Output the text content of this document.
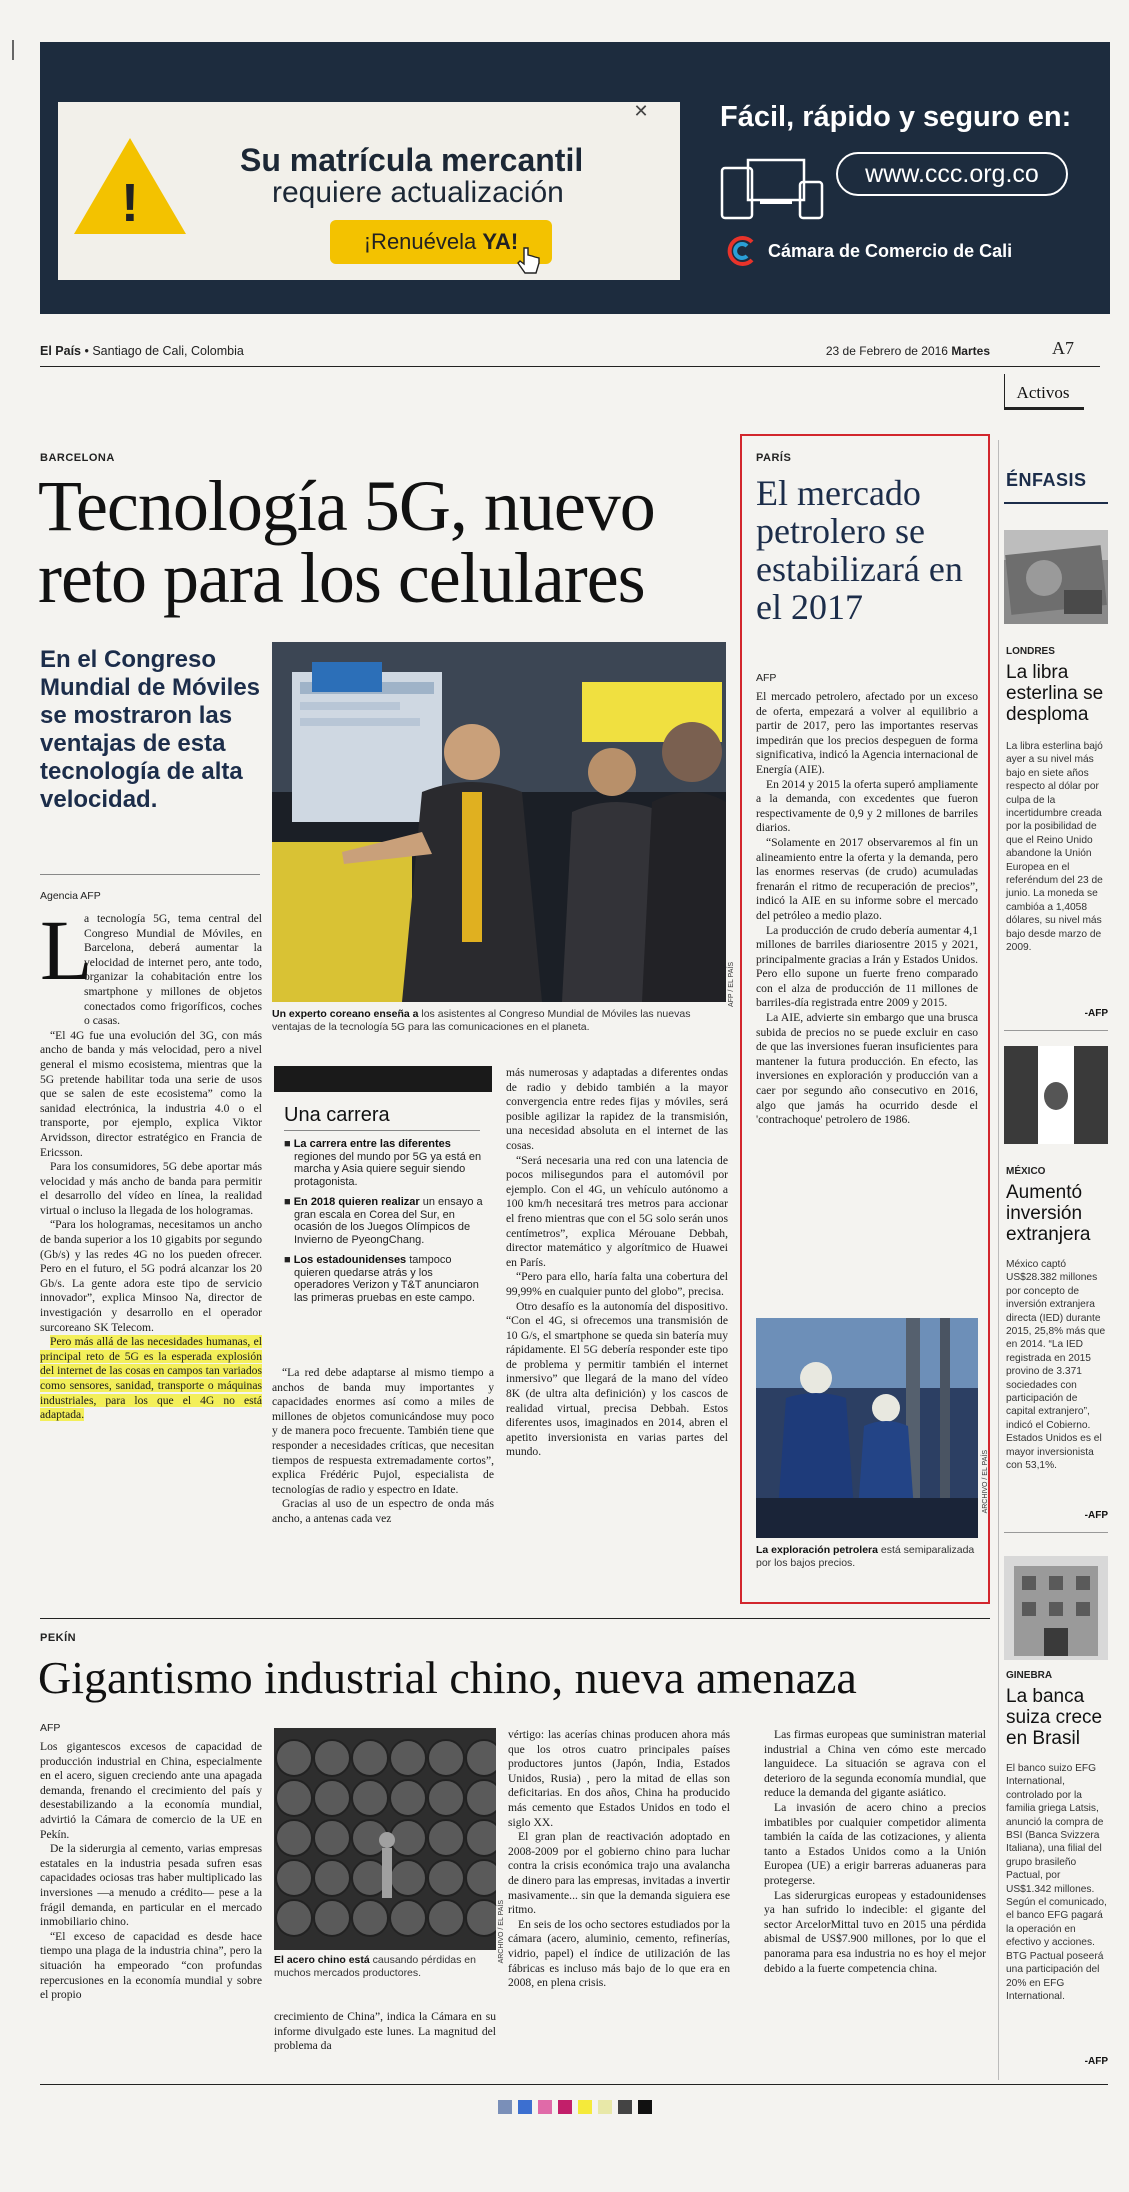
!
✕
Su matrícula mercantil
requiere actualización
¡Renuévela YA!
Fácil, rápido y seguro en:
www.ccc.org.co
Cámara de Comercio de Cali
El País • Santiago de Cali, Colombia	23 de Febrero de 2016 Martes	A7
Activos
BARCELONA
Tecnología 5G, nuevo reto para los celulares
En el Congreso Mundial de Móviles se mostraron las ventajas de esta tecnología de alta velocidad.
Agencia AFP
AFP / EL PAÍS
Un experto coreano enseña a los asistentes al Congreso Mundial de Móviles las nuevas ventajas de la tecnología 5G para las comunicaciones en el planeta.
L

a tecnología 5G, tema central del Congreso Mundial de Móviles, en Barcelona, deberá aumentar la velocidad de internet pero, ante todo, organizar la cohabitación entre los smartphone y millones de objetos conectados como frigoríficos, coches o casas.

“El 4G fue una evolución del 3G, con más ancho de banda y más velocidad, pero a nivel general el mismo ecosistema, mientras que la 5G pretende habilitar toda una serie de usos que se salen de este ecosistema” como la sanidad electrónica, la industria 4.0 o el transporte, por ejemplo, explica Viktor Arvidsson, director estratégico en Francia de Ericsson.

Para los consumidores, 5G debe aportar más velocidad y más ancho de banda para permitir el desarrollo del vídeo en línea, la realidad virtual o incluso la llegada de los hologramas.

“Para los hologramas, necesitamos un ancho de banda superior a los 10 gigabits por segundo (Gb/s) y las redes 4G no los pueden ofrecer. Pero en el futuro, el 5G podrá alcanzar los 20 Gb/s. La gente adora este tipo de servicio innovador”, explica Minsoo Na, director de investigación y desarrollo en el operador surcoreano SK Telecom.

Pero más allá de las necesidades humanas, el principal reto de 5G es la esperada explosión del internet de las cosas en campos tan variados como sensores, sanidad, transporte o máquinas industriales, para los que el 4G no está adaptada.

Una carrera
■ La carrera entre las diferentes regiones del mundo por 5G ya está en marcha y Asia quiere seguir siendo protagonista.
■ En 2018 quieren realizar un ensayo a gran escala en Corea del Sur, en ocasión de los Juegos Olímpicos de Invierno de PyeongChang.
■ Los estadounidenses tampoco quieren quedarse atrás y los operadores Verizon y T&T anunciaron las primeras pruebas en este campo.

“La red debe adaptarse al mismo tiempo a anchos de banda muy importantes y capacidades enormes así como a miles de millones de objetos comunicándose muy poco y de manera poco frecuente. También tiene que responder a necesidades críticas, que necesitan tiempos de respuesta extremadamente cortos”, explica Frédéric Pujol, especialista de tecnologías de radio y espectro en Idate.

Gracias al uso de un espectro de onda más ancho, a antenas cada vez

más numerosas y adaptadas a diferentes ondas de radio y debido también a la mayor convergencia entre redes fijas y móviles, será posible agilizar la rapidez de la transmisión, una necesidad absoluta en el internet de las cosas.

“Será necesaria una red con una latencia de pocos milisegundos para el automóvil por ejemplo. Con el 4G, un vehículo autónomo a 100 km/h necesitará tres metros para accionar el freno mientras que con el 5G solo serán unos centímetros”, explica Mérouane Debbah, director matemático y algorítmico de Huawei en París.

“Pero para ello, haría falta una cobertura del 99,99% en cualquier punto del globo”, precisa.

Otro desafío es la autonomía del dispositivo. “Con el 4G, si ofrecemos una transmisión de 10 G/s, el smartphone se queda sin batería muy rápidamente. El 5G debería responder este tipo de problema y permitir también el internet inmersivo” que llegará de la mano del vídeo 8K (de ultra alta definición) y los cascos de realidad virtual, precisa Debbah. Estos diferentes usos, imaginados en 2014, abren el apetito inversionista en varias partes del mundo.

PARÍS
El mercado petrolero se estabilizará en el 2017
AFP

El mercado petrolero, afectado por un exceso de oferta, empezará a volver al equilibrio a partir de 2017, pero las importantes reservas impedirán que los precios despeguen de forma significativa, indicó la Agencia internacional de Energía (AIE).

En 2014 y 2015 la oferta superó ampliamente a la demanda, con excedentes que fueron respectivamente de 0,9 y 2 millones de barriles diarios.

“Solamente en 2017 observaremos al fin un alineamiento entre la oferta y la demanda, pero las enormes reservas (de crudo) acumuladas frenarán el ritmo de recuperación de precios”, indicó la AIE en su informe sobre el mercado del petróleo a medio plazo.

La producción de crudo debería aumentar 4,1 millones de barriles diariosentre 2015 y 2021, principalmente gracias a Irán y Estados Unidos. Pero ello supone un fuerte freno comparado con el alza de producción de 11 millones de barriles-día registrada entre 2009 y 2015.

La AIE, advierte sin embargo que una brusca subida de precios no se puede excluir en caso de que las inversiones fueran insuficientes para mantener la futura producción. En efecto, las inversiones en exploración y producción van a caer por segundo año consecutivo en 2016, algo que jamás ha ocurrido desde el 'contrachoque' petrolero de 1986.

ARCHIVO / EL PAÍS
La exploración petrolera está semiparalizada por los bajos precios.
ÉNFASIS
LONDRES
La libra esterlina se desploma
La libra esterlina bajó ayer a su nivel más bajo en siete años respecto al dólar por culpa de la incertidumbre creada por la posibilidad de que el Reino Unido abandone la Unión Europea en el referéndum del 23 de junio. La moneda se cambióa a 1,4058 dólares, su nivel más bajo desde marzo de 2009.
-AFP
MÉXICO
Aumentó inversión extranjera
México captó US$28.382 millones por concepto de inversión extranjera directa (IED) durante 2015, 25,8% más que en 2014. “La IED registrada en 2015 provino de 3.371 sociedades con participación de capital extranjero”, indicó el Cobierno. Estados Unidos es el mayor inversionista con 53,1%.
-AFP
GINEBRA
La banca suiza crece en Brasil
El banco suizo EFG International, controlado por la familia griega Latsis, anunció la compra de BSI (Banca Svizzera Italiana), una filial del grupo brasileño Pactual, por US$1.342 millones. Según el comunicado, el banco EFG pagará la operación en efectivo y acciones. BTG Pactual poseerá una participación del 20% en EFG International.
-AFP
PEKÍN
Gigantismo industrial chino, nueva amenaza
AFP

Los gigantescos excesos de capacidad de producción industrial en China, especialmente en el acero, siguen creciendo ante una apagada demanda, frenando el crecimiento del país y desestabilizando a la economía mundial, advirtió la Cámara de comercio de la UE en Pekín.

De la siderurgia al cemento, varias empresas estatales en la industria pesada sufren esas capacidades ociosas tras haber multiplicado las inversiones —a menudo a crédito— pese a la frágil demanda, en particular en el mercado inmobiliario chino.

“El exceso de capacidad es desde hace tiempo una plaga de la industria china”, pero la situación ha empeorado “con profundas repercusiones en la economía mundial y sobre el propio

ARCHIVO / EL PAÍS
El acero chino está causando pérdidas en muchos mercados productores.

crecimiento de China”, indica la Cámara en su informe divulgado este lunes. La magnitud del problema da

vértigo: las acerías chinas producen ahora más que los otros cuatro principales países productores juntos (Japón, India, Estados Unidos, Rusia) , pero la mitad de ellas son deficitarias. En dos años, China ha producido más cemento que Estados Unidos en todo el siglo XX.

El gran plan de reactivación adoptado en 2008-2009 por el gobierno chino para luchar contra la crisis económica trajo una avalancha de dinero para las empresas, invitadas a invertir masivamente... sin que la demanda siguiera ese ritmo.

En seis de los ocho sectores estudiados por la cámara (acero, aluminio, cemento, refinerías, vidrio, papel) el índice de utilización de las fábricas es incluso más bajo de lo que era en 2008, en plena crisis.

Las firmas europeas que suministran material industrial a China ven cómo este mercado languidece. La situación se agrava con el deterioro de la segunda economía mundial, que reduce la demanda del gigante asiático.

La invasión de acero chino a precios imbatibles por cualquier competidor alimenta también la caída de las cotizaciones, y alienta tanto a Estados Unidos como a la Unión Europea (UE) a erigir barreras aduaneras para protegerse.

Las siderurgicas europeas y estadounidenses ya han sufrido lo indecible: el gigante del sector ArcelorMittal tuvo en 2015 una pérdida abismal de US$7.900 millones, por lo que el panorama para esa industria no es hoy el mejor debido a la fuerte competencia china.
